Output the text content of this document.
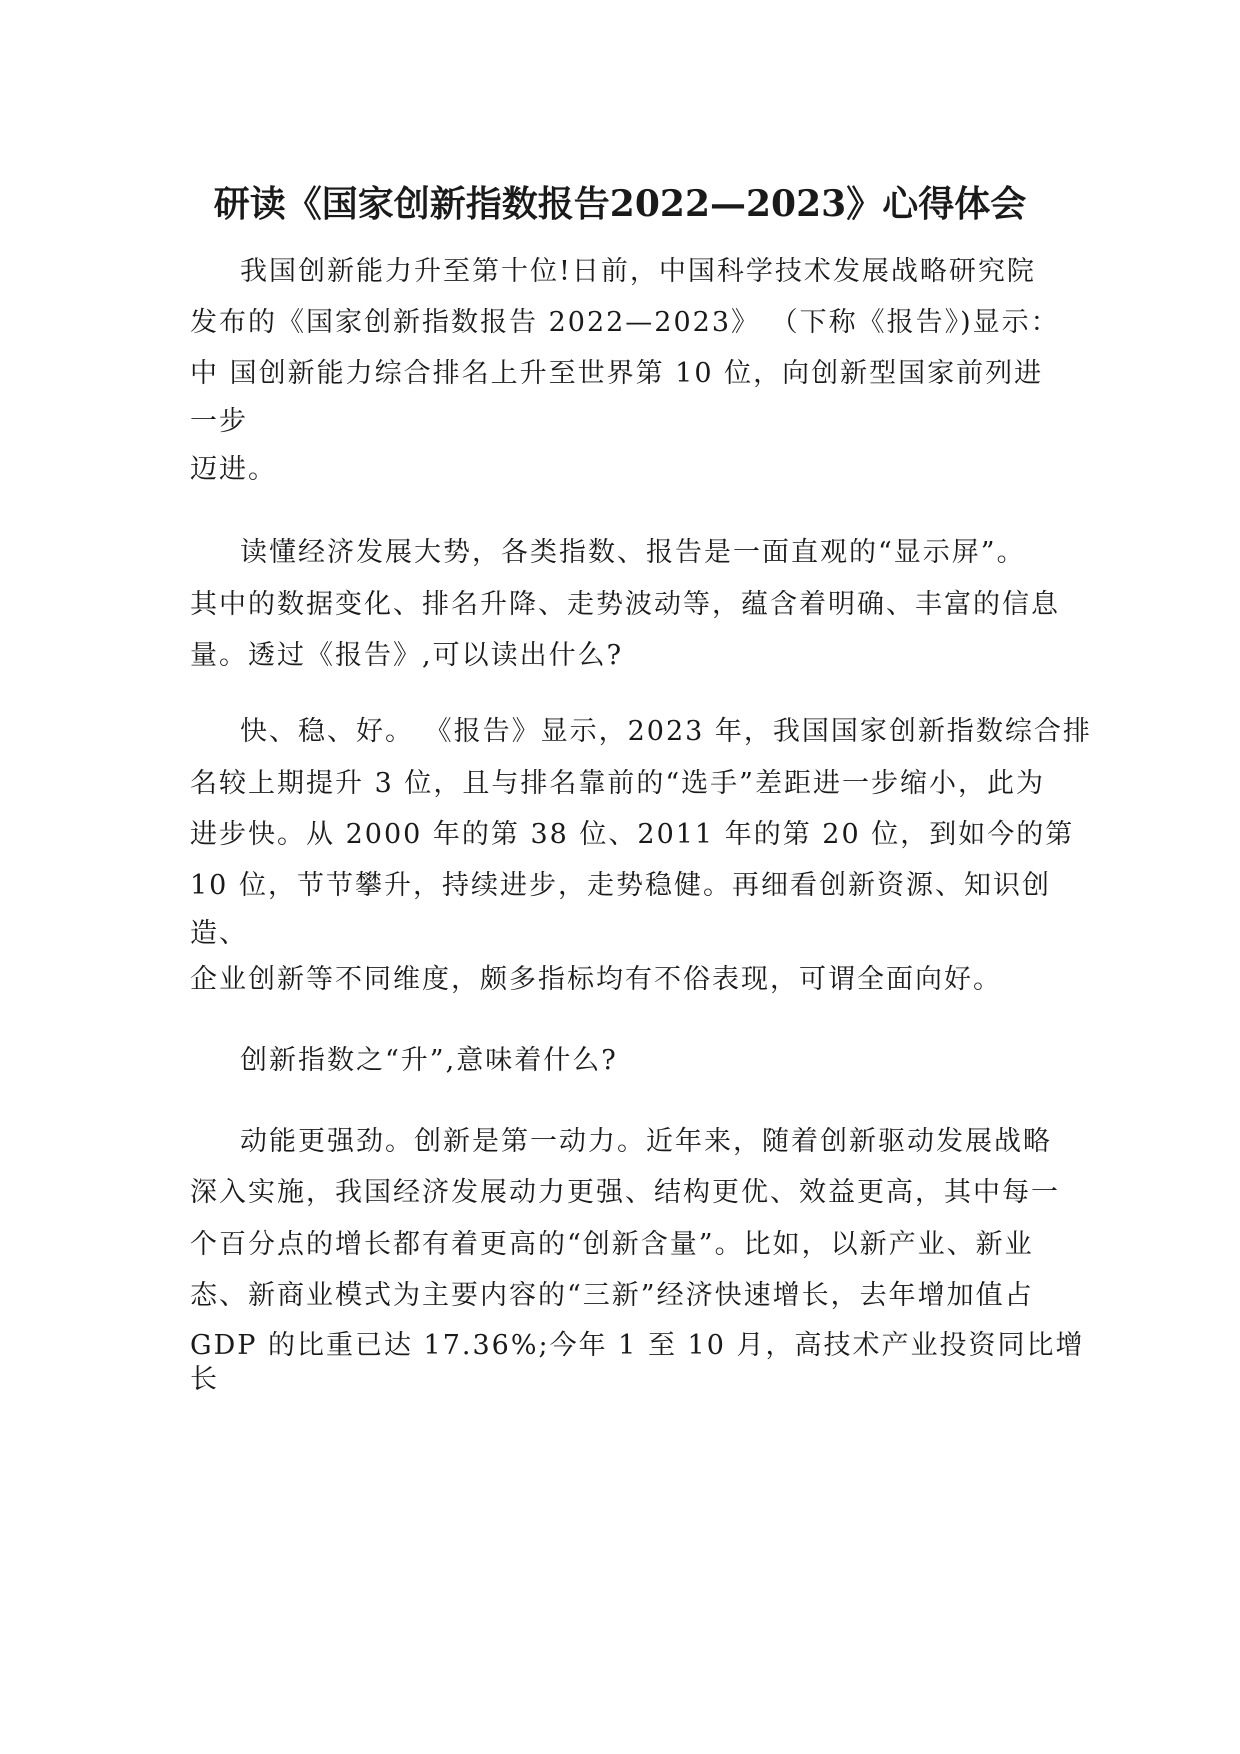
研读《国家创新指数报告2022—2023》心得体会
我国创新能力升至第十位!日前，中国科学技术发展战略研究院
发布的《国家创新指数报告 2022—2023》 （下称《报告》)显示：
中 国创新能力综合排名上升至世界第 10 位，向创新型国家前列进
一步
迈进。
读懂经济发展大势，各类指数、报告是一面直观的“显示屏”。
其中的数据变化、排名升降、走势波动等，蕴含着明确、丰富的信息
量。透过《报告》,可以读出什么?
快、稳、好。 《报告》显示，2023 年，我国国家创新指数综合排
名较上期提升 3 位，且与排名靠前的“选手”差距进一步缩小，此为
进步快。从 2000 年的第 38 位、2011 年的第 20 位，到如今的第
10 位，节节攀升，持续进步，走势稳健。再细看创新资源、知识创
造、
企业创新等不同维度，颇多指标均有不俗表现，可谓全面向好。
创新指数之“升”,意味着什么?
动能更强劲。创新是第一动力。近年来，随着创新驱动发展战略
深入实施，我国经济发展动力更强、结构更优、效益更高，其中每一
个百分点的增长都有着更高的“创新含量”。比如，以新产业、新业
态、新商业模式为主要内容的“三新”经济快速增长，去年增加值占
GDP 的比重已达 17.36%;今年 1 至 10 月，高技术产业投资同比增
长
